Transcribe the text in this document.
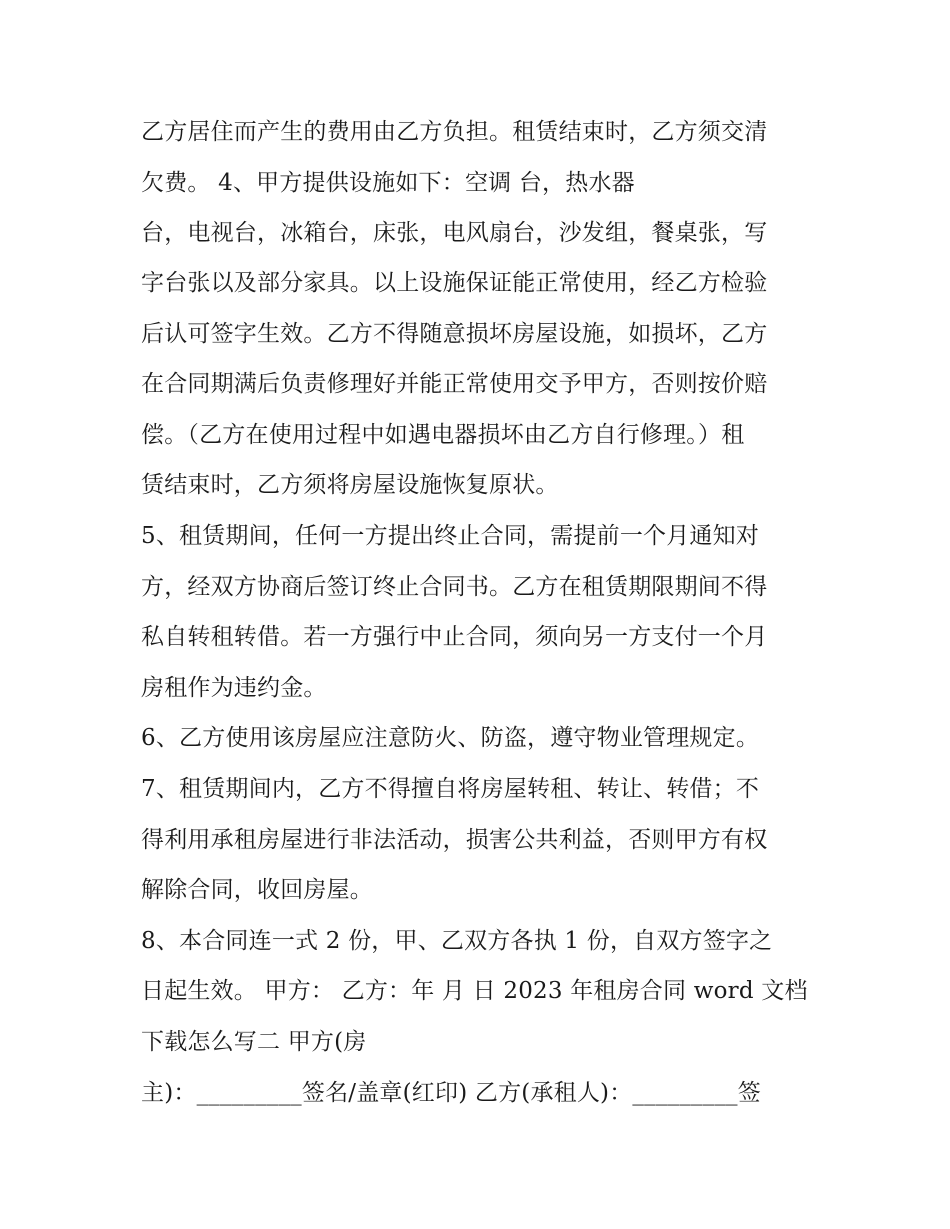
乙方居住而产生的费用由乙方负担。租赁结束时，乙方须交清

欠费。 4、甲方提供设施如下：空调 台，热水器

台，电视台，冰箱台，床张，电风扇台，沙发组，餐桌张，写

字台张以及部分家具。以上设施保证能正常使用，经乙方检验

后认可签字生效。乙方不得随意损坏房屋设施，如损坏，乙方

在合同期满后负责修理好并能正常使用交予甲方，否则按价赔

偿。（乙方在使用过程中如遇电器损坏由乙方自行修理。）租

赁结束时，乙方须将房屋设施恢复原状。

5、租赁期间，任何一方提出终止合同，需提前一个月通知对

方，经双方协商后签订终止合同书。乙方在租赁期限期间不得

私自转租转借。若一方强行中止合同，须向另一方支付一个月

房租作为违约金。

6、乙方使用该房屋应注意防火、防盗，遵守物业管理规定。

7、租赁期间内，乙方不得擅自将房屋转租、转让、转借；不

得利用承租房屋进行非法活动，损害公共利益，否则甲方有权

解除合同，收回房屋。

8、本合同连一式 2 份，甲、乙双方各执 1 份，自双方签字之

日起生效。 甲方： 乙方：年 月 日 2023 年租房合同 word 文档

下载怎么写二 甲方(房

主)：_________签名/盖章(红印) 乙方(承租人)：_________签
